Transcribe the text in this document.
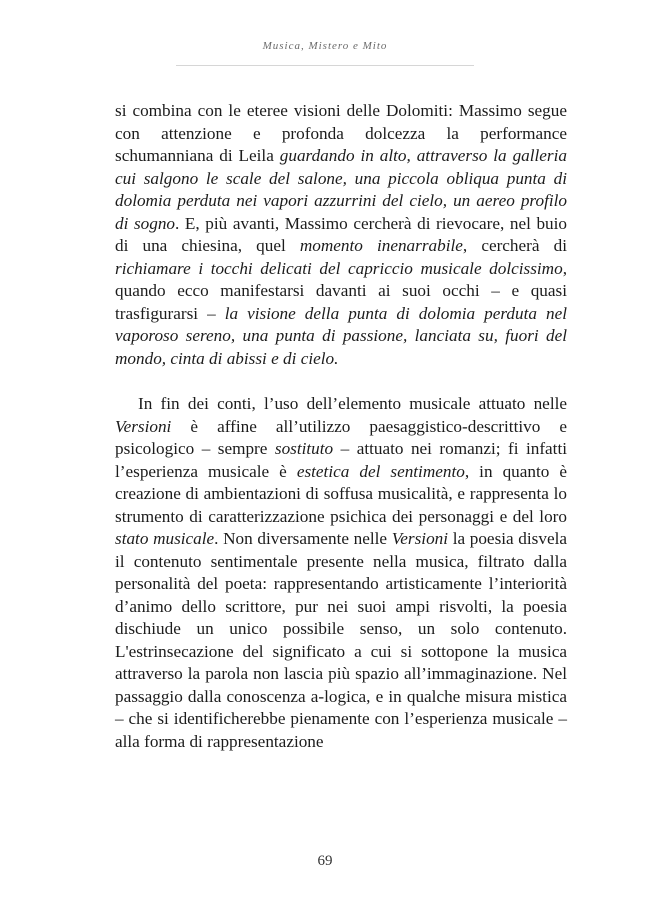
Musica, Mistero e Mito

si combina con le eteree visioni delle Dolomiti: Massimo segue con attenzione e profonda dolcezza la performance schumanniana di Leila guardando in alto, attraverso la galleria cui salgono le scale del salone, una piccola obliqua punta di dolomia perduta nei vapori azzurrini del cielo, un aereo profilo di sogno. E, più avanti, Massimo cercherà di rievocare, nel buio di una chiesina, quel momento inenarrabile, cercherà di richiamare i tocchi delicati del capriccio musicale dolcissimo, quando ecco manifestarsi davanti ai suoi occhi – e quasi trasfigurarsi – la visione della punta di dolomia perduta nel vaporoso sereno, una punta di passione, lanciata su, fuori del mondo, cinta di abissi e di cielo.

In fin dei conti, l’uso dell’elemento musicale attuato nelle Versioni è affine all’utilizzo paesaggistico-descrittivo e psicologico – sempre sostituto – attuato nei romanzi; fi infatti l’esperienza musicale è estetica del sentimento, in quanto è creazione di ambientazioni di soffusa musicalità, e rappresenta lo strumento di caratterizzazione psichica dei personaggi e del loro stato musicale. Non diversamente nelle Versioni la poesia disvela il contenuto sentimentale presente nella musica, filtrato dalla personalità del poeta: rappresentando artisticamente l’interiorità d’animo dello scrittore, pur nei suoi ampi risvolti, la poesia dischiude un unico possibile senso, un solo contenuto. L'estrinsecazione del significato a cui si sottopone la musica attraverso la parola non lascia più spazio all’immaginazione. Nel passaggio dalla conoscenza a-logica, e in qualche misura mistica – che si identificherebbe pienamente con l’esperienza musicale – alla forma di rappresentazione

69
